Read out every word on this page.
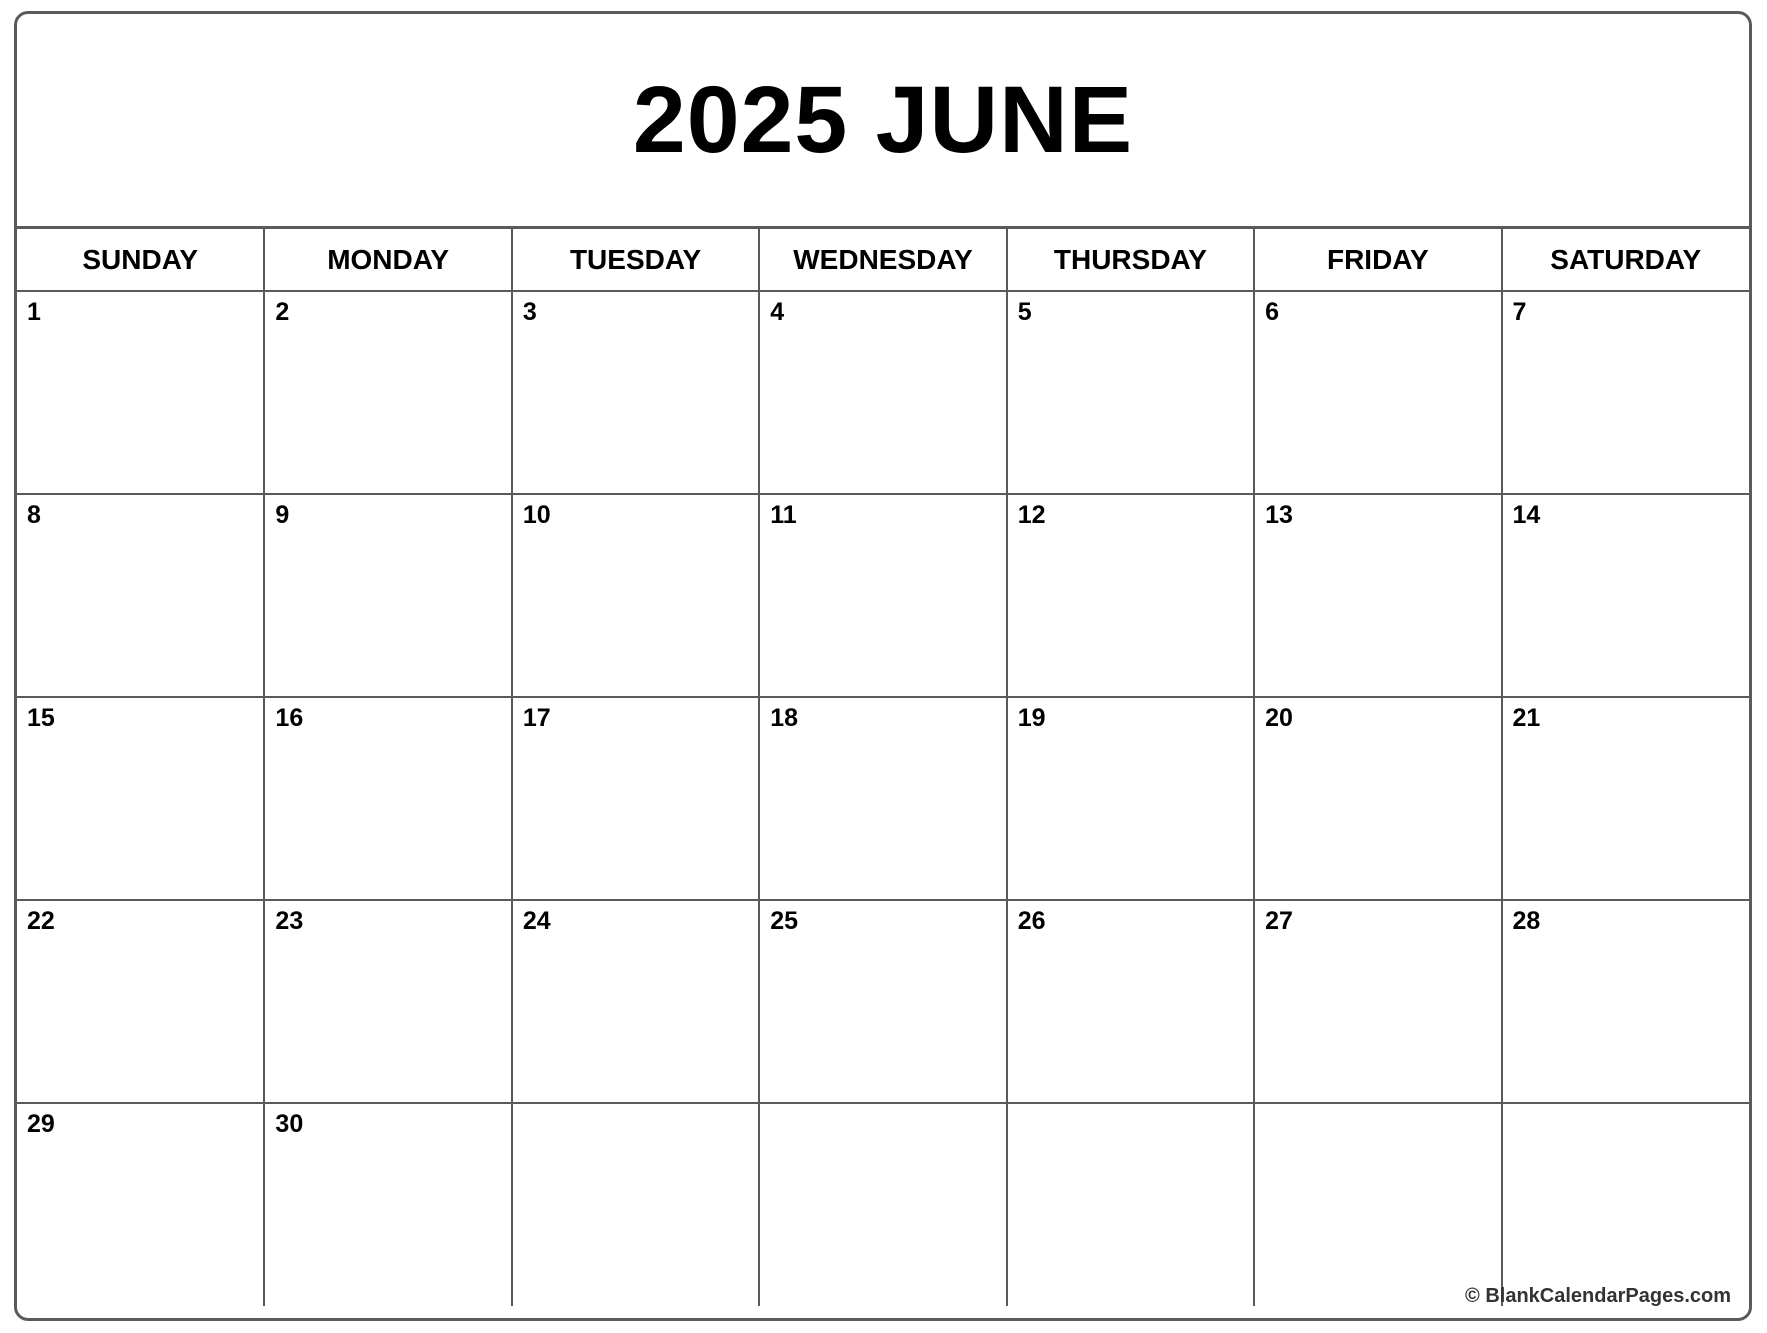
2025 JUNE
SUNDAY	MONDAY	TUESDAY	WEDNESDAY	THURSDAY	FRIDAY	SATURDAY

1	2	3	4	5	6	7

8	9	10	11	12	13	14

15	16	17	18	19	20	21

22	23	24	25	26	27	28

29	30					

© BlankCalendarPages.com
